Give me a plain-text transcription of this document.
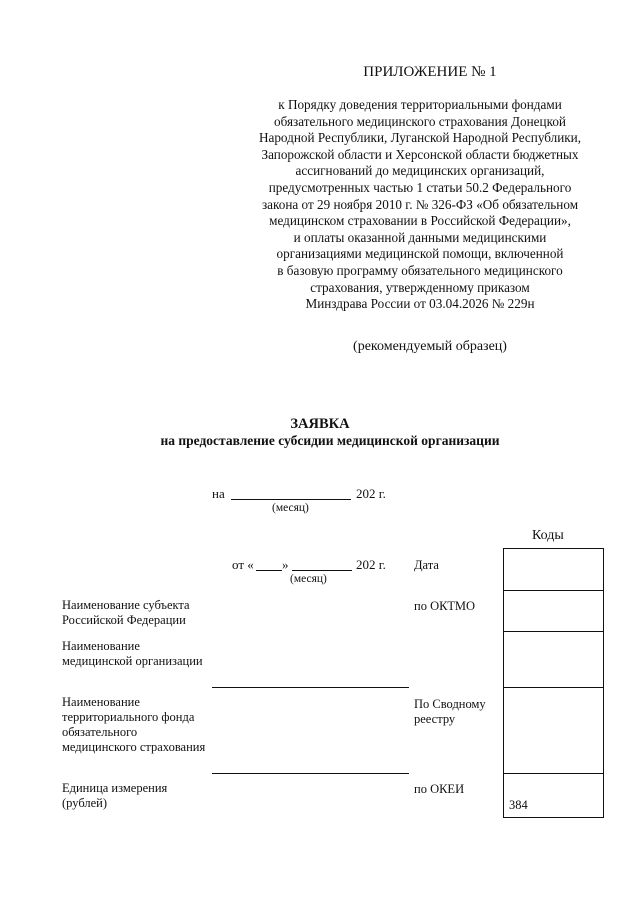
ПРИЛОЖЕНИЕ № 1
к Порядку доведения территориальными фондами
обязательного медицинского страхования Донецкой
Народной Республики, Луганской Народной Республики,
Запорожской области и Херсонской области бюджетных
ассигнований до медицинских организаций,
предусмотренных частью 1 статьи 50.2 Федерального
закона от 29 ноября 2010 г. № 326-ФЗ «Об обязательном
медицинском страховании в Российской Федерации»,
и оплаты оказанной данными медицинскими
организациями медицинской помощи, включенной
в базовую программу обязательного медицинского
страхования, утвержденному приказом
Минздрава России от 03.04.2026 № 229н
(рекомендуемый образец)
ЗАЯВКА
на предоставление субсидии медицинской организации
на	202 г.
(месяц)
Коды
от « »	202 г.
(месяц)
Дата
по ОКТМО
По Сводному реестру
по ОКЕИ
384
Наименование субъекта Российской Федерации
Наименование медицинской организации
Наименование территориального фонда обязательного медицинского страхования
Единица измерения (рублей)
